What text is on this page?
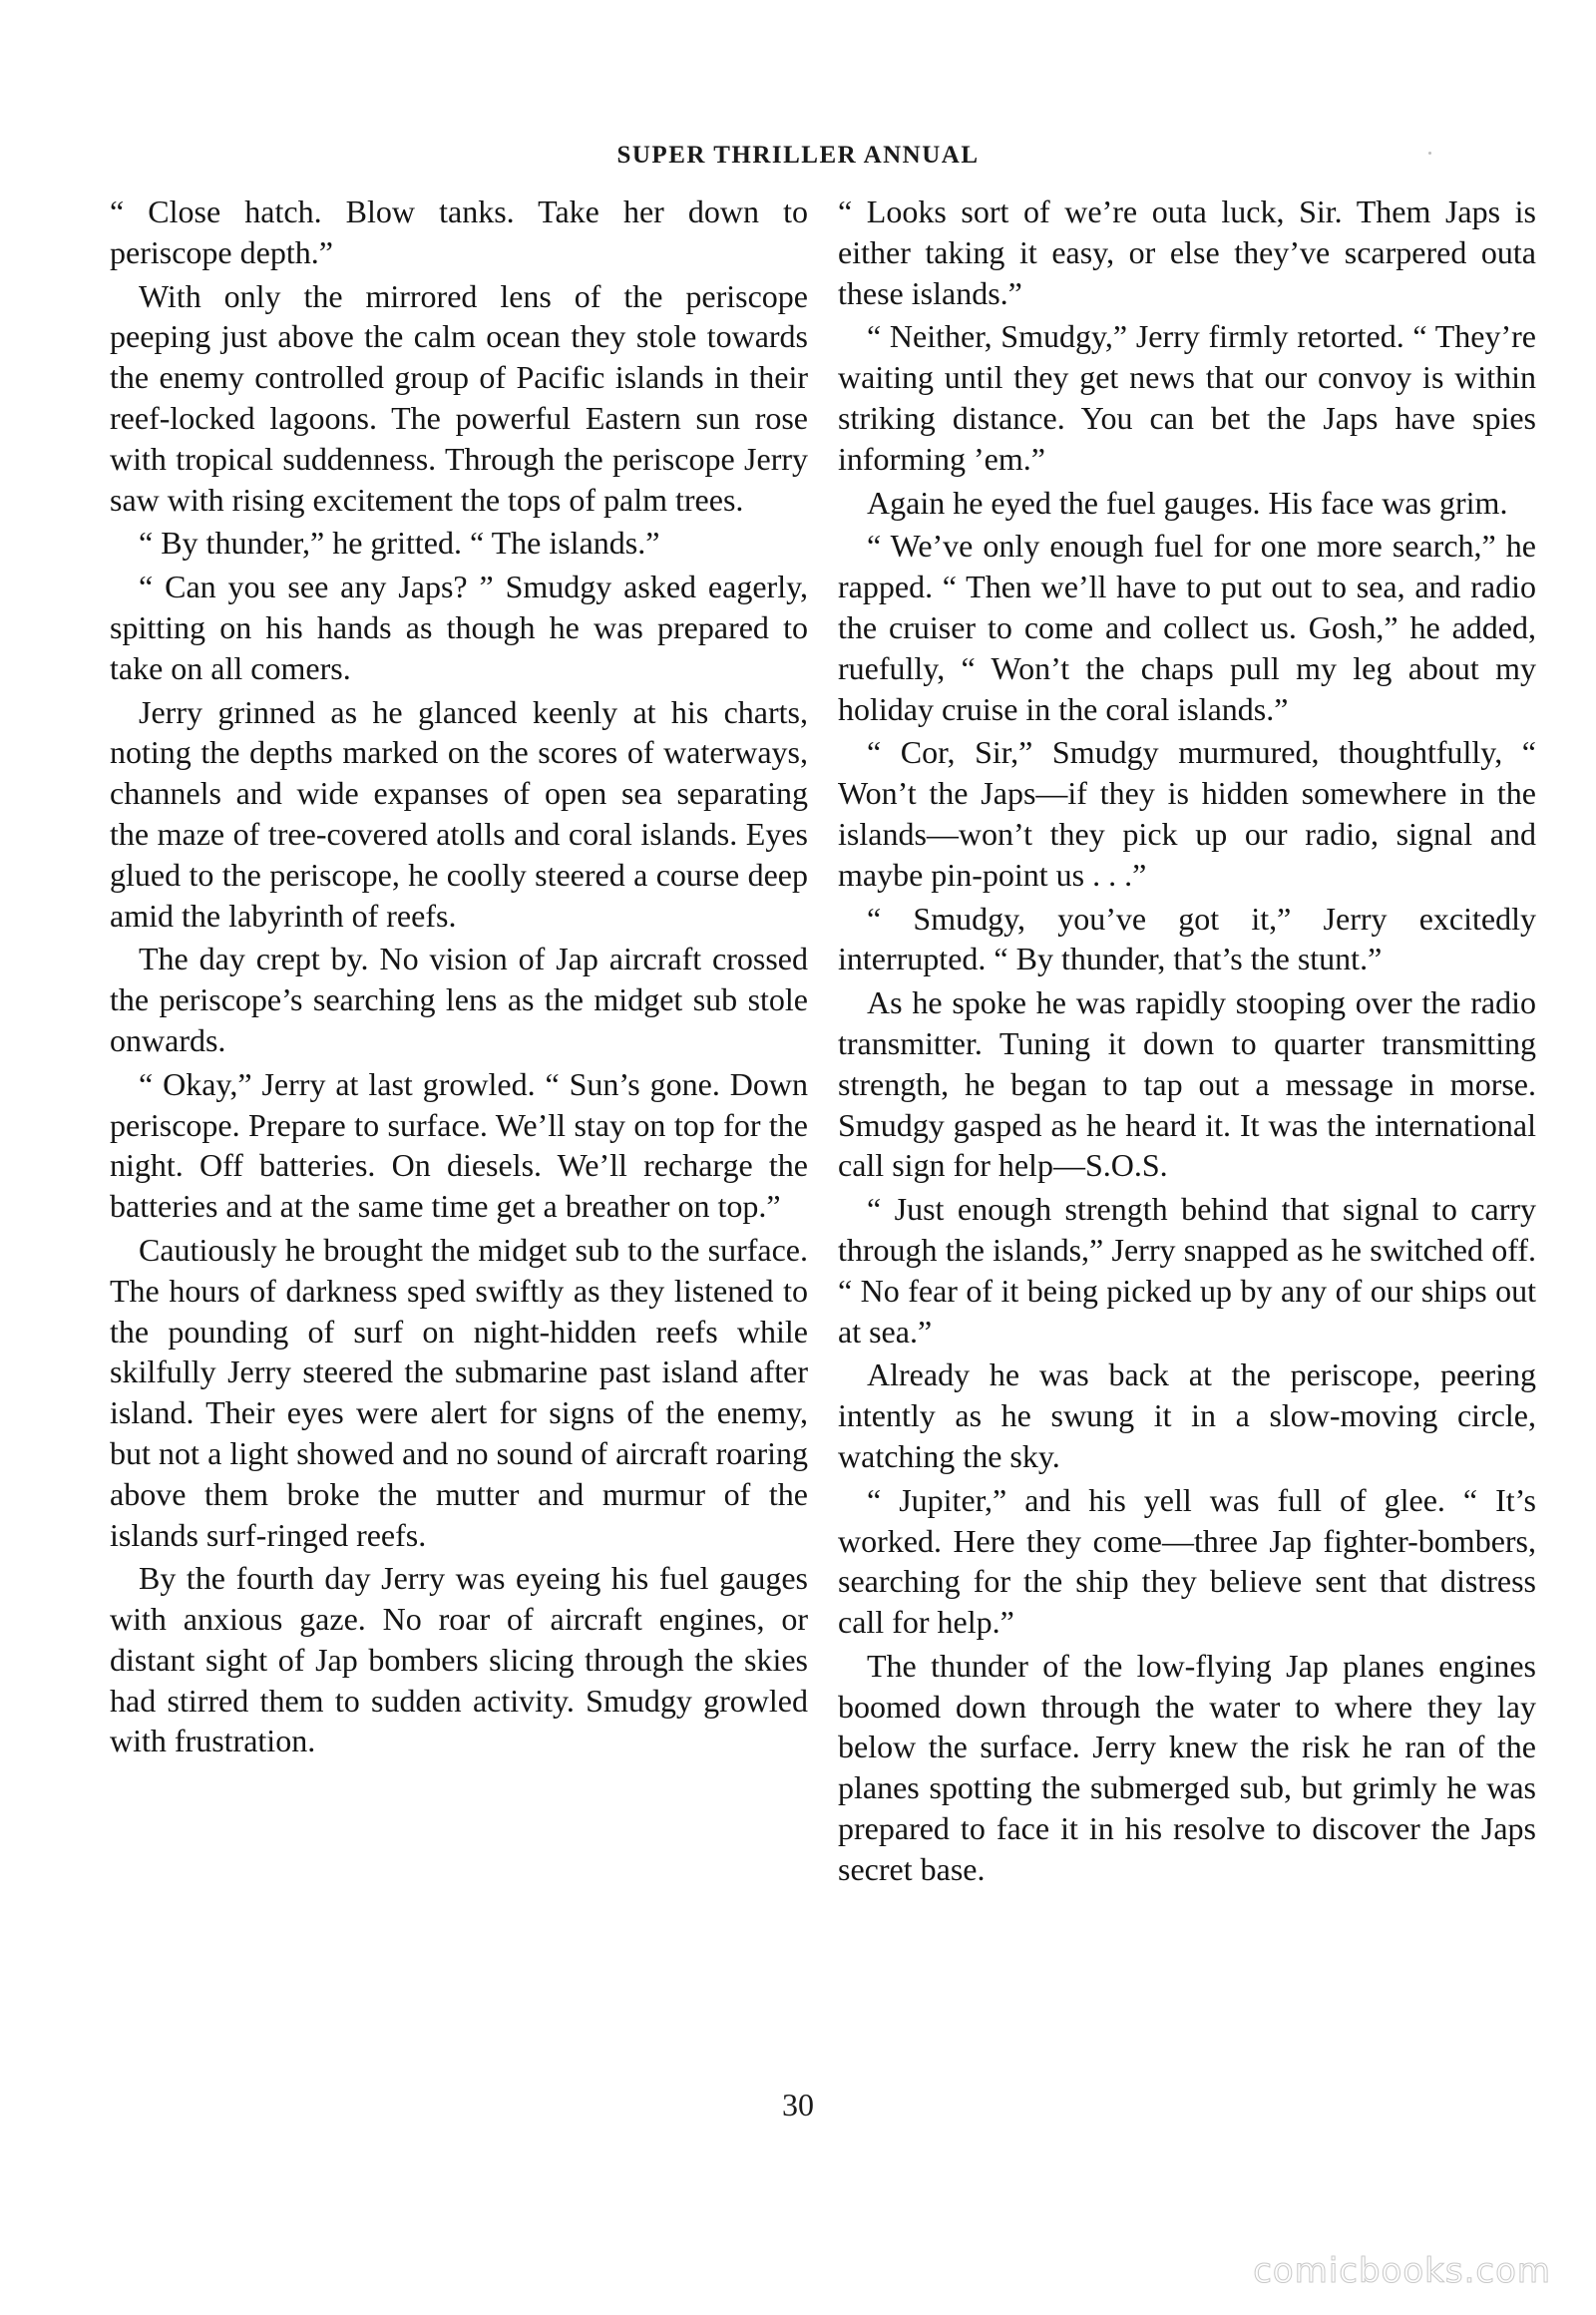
SUPER THRILLER ANNUAL

“ Close hatch. Blow tanks. Take her down to periscope depth.”

With only the mirrored lens of the periscope peeping just above the calm ocean they stole towards the enemy controlled group of Pacific islands in their reef-locked lagoons. The powerful Eastern sun rose with tropical suddenness. Through the periscope Jerry saw with rising excitement the tops of palm trees.

“ By thunder,” he gritted. “ The islands.”

“ Can you see any Japs? ” Smudgy asked eagerly, spitting on his hands as though he was prepared to take on all comers.

Jerry grinned as he glanced keenly at his charts, noting the depths marked on the scores of waterways, channels and wide expanses of open sea separating the maze of tree-covered atolls and coral islands. Eyes glued to the periscope, he coolly steered a course deep amid the labyrinth of reefs.

The day crept by. No vision of Jap aircraft crossed the periscope’s searching lens as the midget sub stole onwards.

“ Okay,” Jerry at last growled. “ Sun’s gone. Down periscope. Prepare to surface. We’ll stay on top for the night. Off batteries. On diesels. We’ll recharge the batteries and at the same time get a breather on top.”

Cautiously he brought the midget sub to the surface. The hours of darkness sped swiftly as they listened to the pounding of surf on night-hidden reefs while skilfully Jerry steered the submarine past island after island. Their eyes were alert for signs of the enemy, but not a light showed and no sound of aircraft roaring above them broke the mutter and murmur of the islands surf-ringed reefs.

By the fourth day Jerry was eyeing his fuel gauges with anxious gaze. No roar of aircraft engines, or distant sight of Jap bombers slicing through the skies had stirred them to sudden activity. Smudgy growled with frustration.

“ Looks sort of we’re outa luck, Sir. Them Japs is either taking it easy, or else they’ve scarpered outa these islands.”

“ Neither, Smudgy,” Jerry firmly retorted. “ They’re waiting until they get news that our convoy is within striking distance. You can bet the Japs have spies informing ’em.”

Again he eyed the fuel gauges. His face was grim.

“ We’ve only enough fuel for one more search,” he rapped. “ Then we’ll have to put out to sea, and radio the cruiser to come and collect us. Gosh,” he added, ruefully, “ Won’t the chaps pull my leg about my holiday cruise in the coral islands.”

“ Cor, Sir,” Smudgy murmured, thoughtfully, “ Won’t the Japs—if they is hidden somewhere in the islands—won’t they pick up our radio, signal and maybe pin-point us . . .”

“ Smudgy, you’ve got it,” Jerry excitedly interrupted. “ By thunder, that’s the stunt.”

As he spoke he was rapidly stooping over the radio transmitter. Tuning it down to quarter transmitting strength, he began to tap out a message in morse. Smudgy gasped as he heard it. It was the international call sign for help—S.O.S.

“ Just enough strength behind that signal to carry through the islands,” Jerry snapped as he switched off. “ No fear of it being picked up by any of our ships out at sea.”

Already he was back at the periscope, peering intently as he swung it in a slow-moving circle, watching the sky.

“ Jupiter,” and his yell was full of glee. “ It’s worked. Here they come—three Jap fighter-bombers, searching for the ship they believe sent that distress call for help.”

The thunder of the low-flying Jap planes engines boomed down through the water to where they lay below the surface. Jerry knew the risk he ran of the planes spotting the submerged sub, but grimly he was prepared to face it in his resolve to discover the Japs secret base.

30
comicbooks.com
